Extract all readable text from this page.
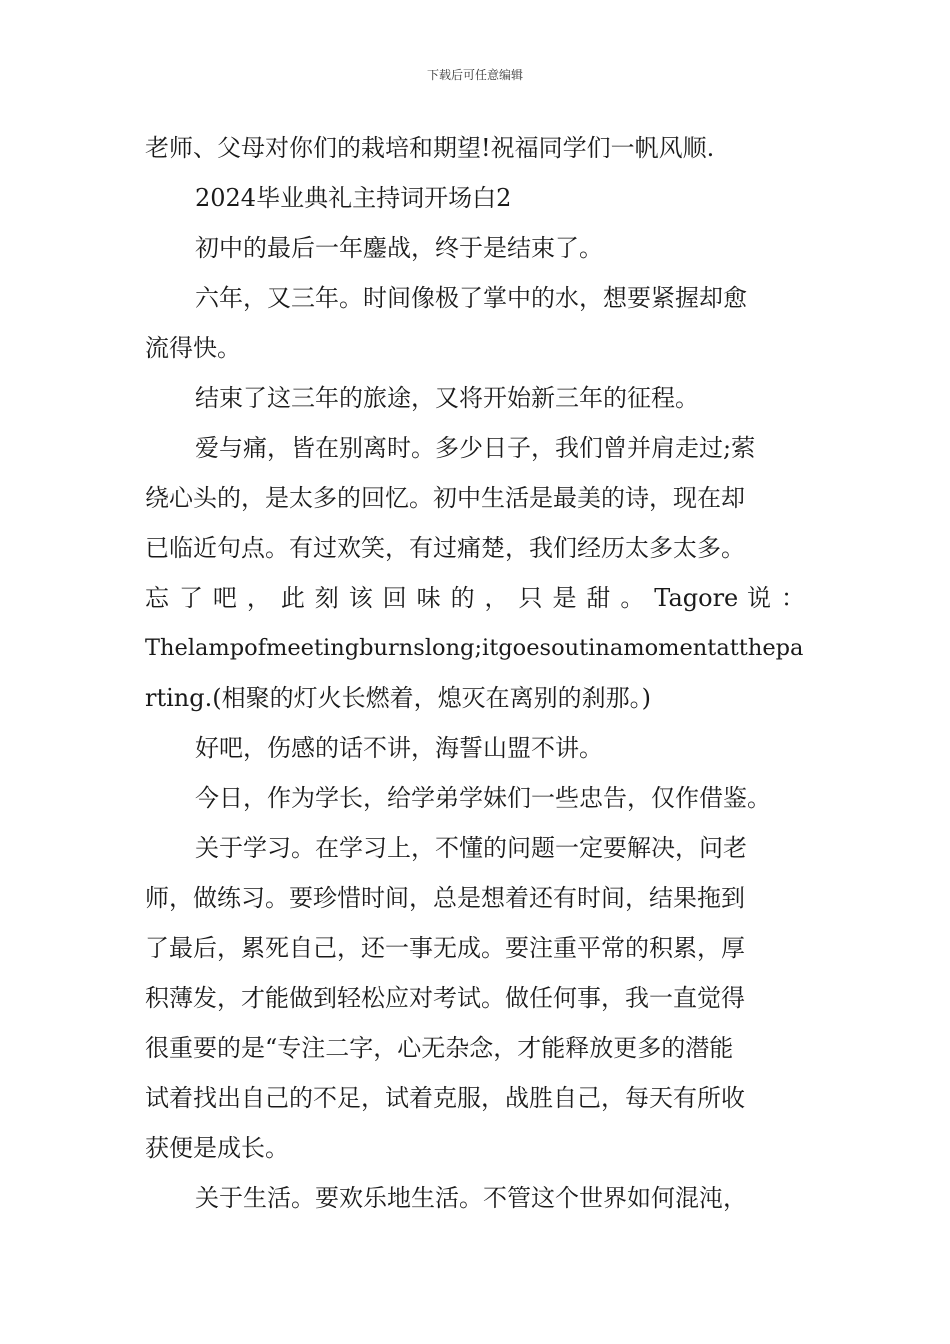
下载后可任意编辑
老师、父母对你们的栽培和期望!祝福同学们一帆风顺.
2024毕业典礼主持词开场白2
初中的最后一年鏖战，终于是结束了。
六年，又三年。时间像极了掌中的水，想要紧握却愈
流得快。
结束了这三年的旅途，又将开始新三年的征程。
爱与痛，皆在别离时。多少日子，我们曾并肩走过;萦
绕心头的，是太多的回忆。初中生活是最美的诗，现在却
已临近句点。有过欢笑，有过痛楚，我们经历太多太多。
忘 了 吧 ， 此 刻 该 回 味 的 ， 只 是 甜 。 Tagore 说 ：
Thelampofmeetingburnslong;itgoesoutinamomentatthepa
rting.(相聚的灯火长燃着，熄灭在离别的刹那。)
好吧，伤感的话不讲，海誓山盟不讲。
今日，作为学长，给学弟学妹们一些忠告，仅作借鉴。
关于学习。在学习上，不懂的问题一定要解决，问老
师，做练习。要珍惜时间，总是想着还有时间，结果拖到
了最后，累死自己，还一事无成。要注重平常的积累，厚
积薄发，才能做到轻松应对考试。做任何事，我一直觉得
很重要的是“专注二字，心无杂念，才能释放更多的潜能
试着找出自己的不足，试着克服，战胜自己，每天有所收
获便是成长。
关于生活。要欢乐地生活。不管这个世界如何混沌，
